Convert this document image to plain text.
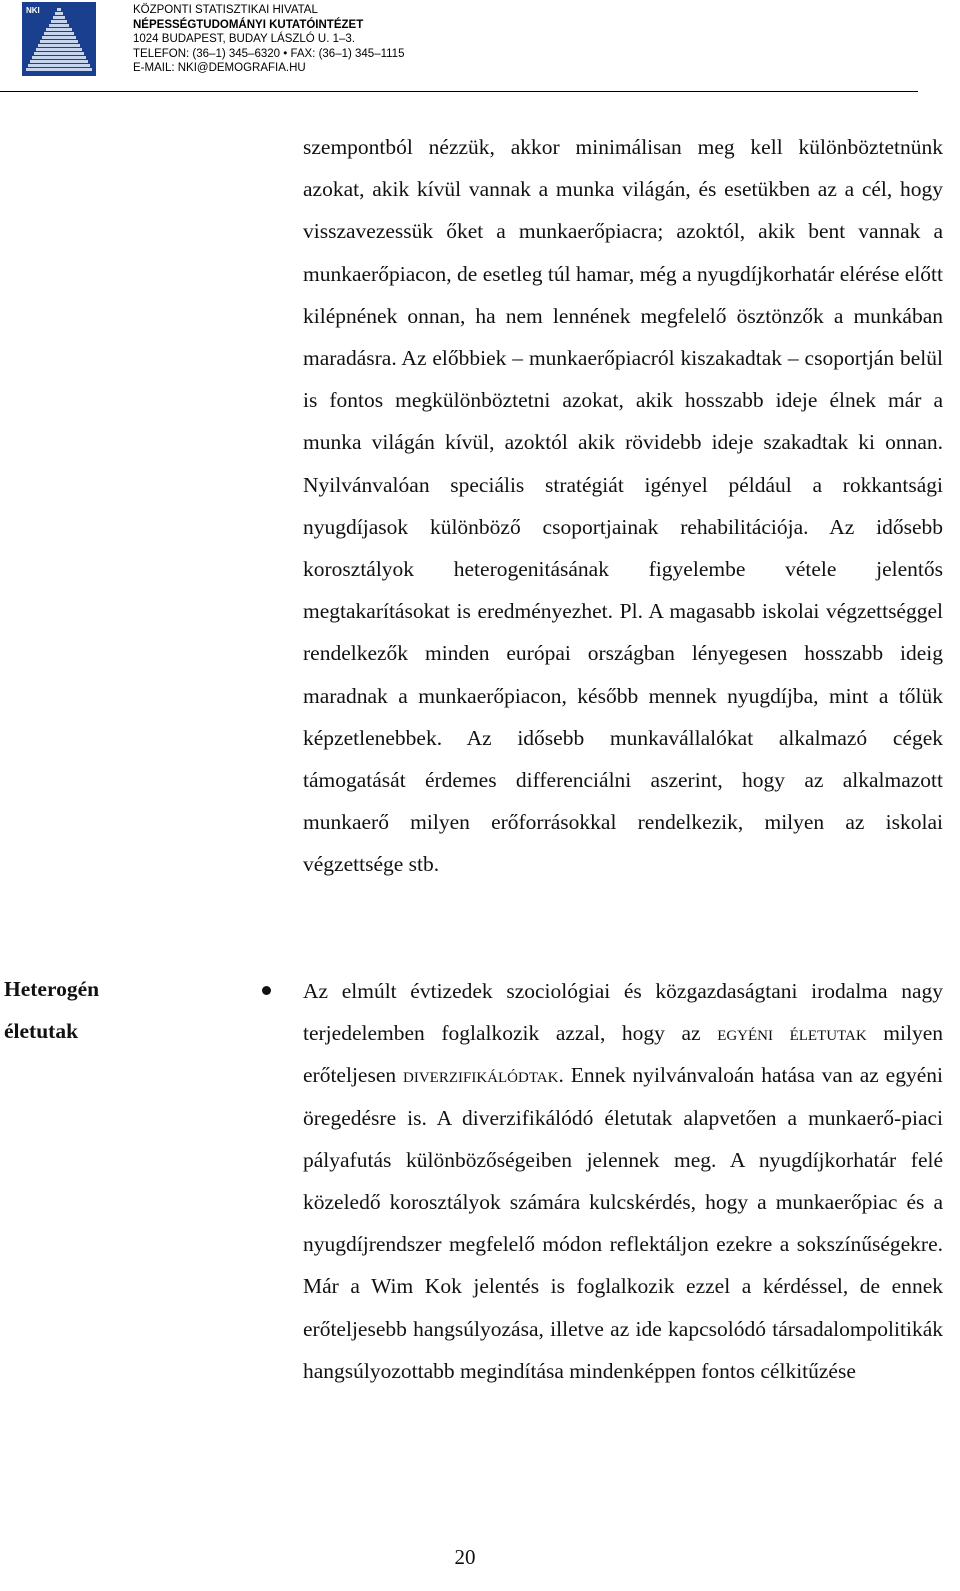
NKI	KÖZPONTI STATISZTIKAI HIVATAL
NÉPESSÉGTUDOMÁNYI KUTATÓINTÉZET
1024 BUDAPEST, BUDAY LÁSZLÓ U. 1–3.
TELEFON: (36–1) 345–6320 • FAX: (36–1) 345–1115
E-MAIL: NKI@DEMOGRAFIA.HU
szempontból nézzük, akkor minimálisan meg kell különböztetnünk azokat, akik kívül vannak a munka világán, és esetükben az a cél, hogy visszavezessük őket a munkaerőpiacra; azoktól, akik bent vannak a munkaerőpiacon, de esetleg túl hamar, még a nyugdíjkorhatár elérése előtt kilépnének onnan, ha nem lennének megfelelő ösztönzők a munkában maradásra. Az előbbiek – munkaerőpiacról kiszakadtak – csoportján belül is fontos megkülönböztetni azokat, akik hosszabb ideje élnek már a munka világán kívül, azoktól akik rövidebb ideje szakadtak ki onnan. Nyilvánvalóan speciális stratégiát igényel például a rokkantsági nyugdíjasok különböző csoportjainak rehabilitációja. Az idősebb korosztályok heterogenitásának figyelembe vétele jelentős megtakarításokat is eredményezhet. Pl. A magasabb iskolai végzettséggel rendelkezők minden európai országban lényegesen hosszabb ideig maradnak a munkaerőpiacon, később mennek nyugdíjba, mint a tőlük képzetlenebbek. Az idősebb munkavállalókat alkalmazó cégek támogatását érdemes differenciálni aszerint, hogy az alkalmazott munkaerő milyen erőforrásokkal rendelkezik, milyen az iskolai végzettsége stb.
Heterogén
életutak
Az elmúlt évtizedek szociológiai és közgazdaságtani irodalma nagy terjedelemben foglalkozik azzal, hogy az egyéni életutak milyen erőteljesen diverzifikálódtak. Ennek nyilvánvaloán hatása van az egyéni öregedésre is. A diverzifikálódó életutak alapvetően a munkaerő-piaci pályafutás különbözőségeiben jelennek meg. A nyugdíjkorhatár felé közeledő korosztályok számára kulcskérdés, hogy a munkaerőpiac és a nyugdíjrendszer megfelelő módon reflektáljon ezekre a sokszínűségekre. Már a Wim Kok jelentés is foglalkozik ezzel a kérdéssel, de ennek erőteljesebb hangsúlyozása, illetve az ide kapcsolódó társadalompolitikák hangsúlyozottabb megindítása mindenképpen fontos célkitűzése
20
